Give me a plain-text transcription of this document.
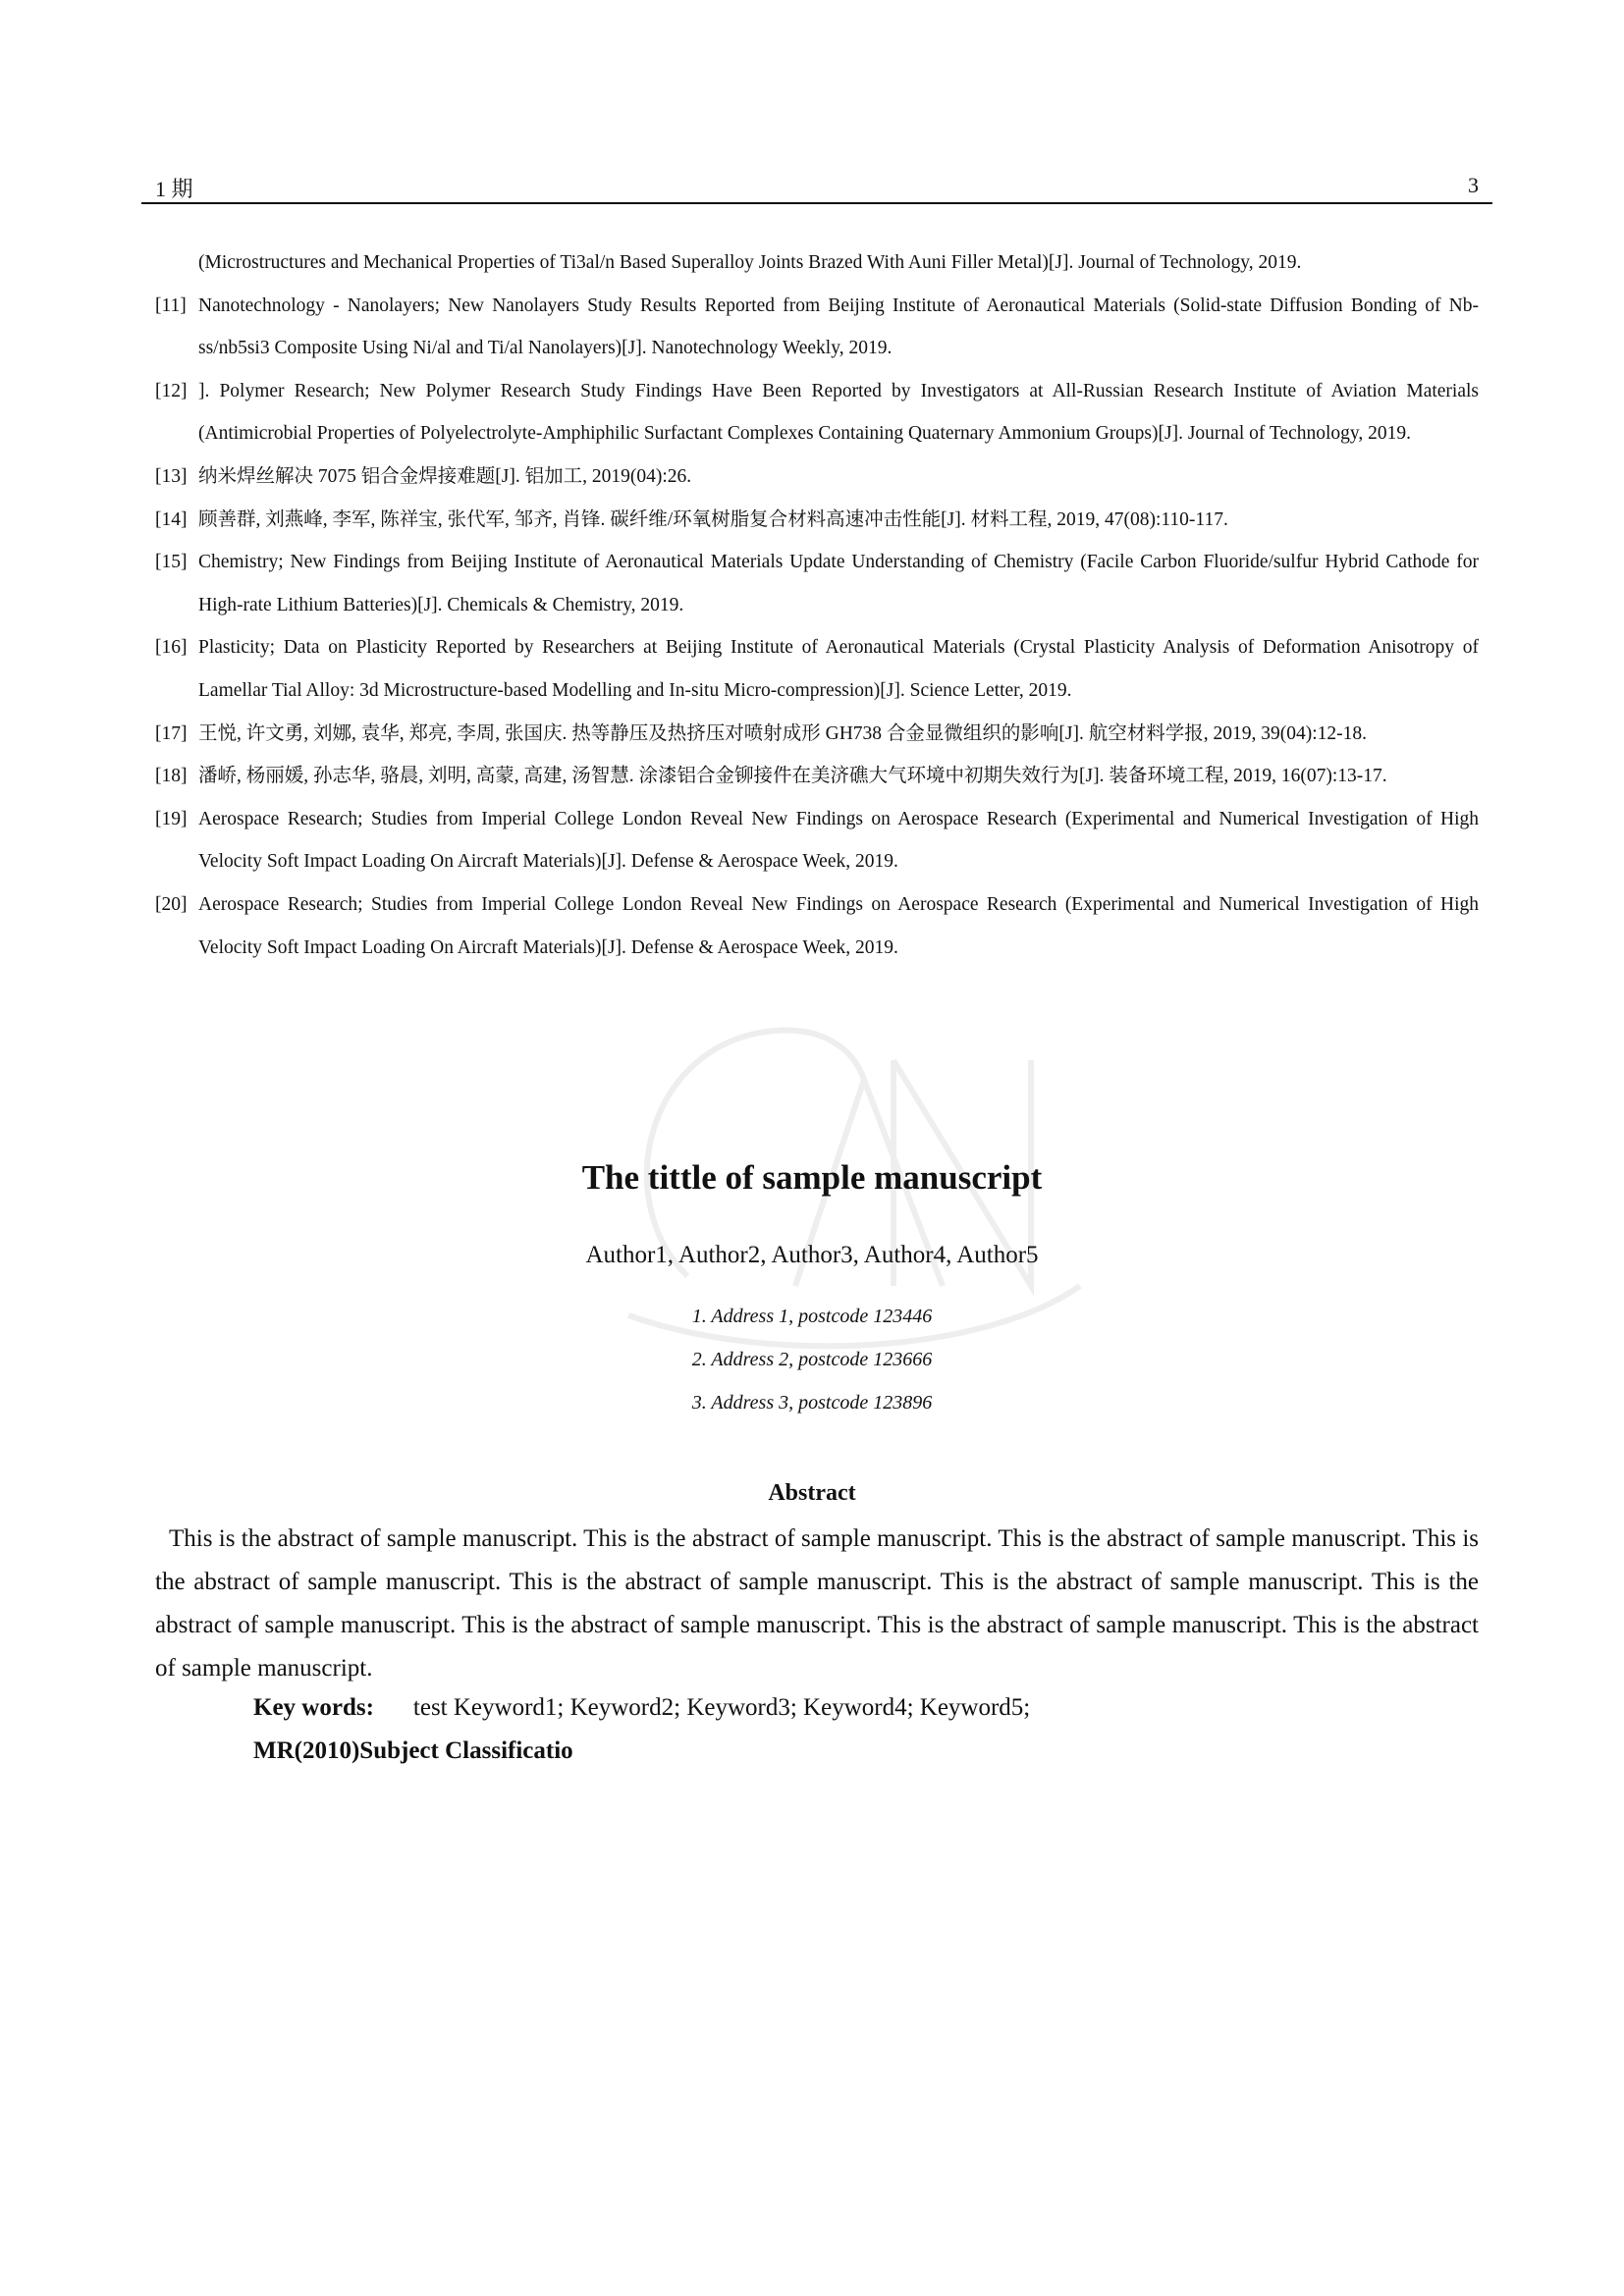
1 期	3
(Microstructures and Mechanical Properties of Ti3al/n Based Superalloy Joints Brazed With Auni Filler Metal)[J]. Journal of Technology, 2019.
[11] Nanotechnology - Nanolayers; New Nanolayers Study Results Reported from Beijing Institute of Aeronautical Materials (Solid-state Diffusion Bonding of Nb-ss/nb5si3 Composite Using Ni/al and Ti/al Nanolayers)[J]. Nanotechnology Weekly, 2019.
[12] ]. Polymer Research; New Polymer Research Study Findings Have Been Reported by Investigators at All-Russian Research Institute of Aviation Materials (Antimicrobial Properties of Polyelectrolyte-Amphiphilic Surfactant Complexes Containing Quaternary Ammonium Groups)[J]. Journal of Technology, 2019.
[13] 纳米焊丝解决 7075 铝合金焊接难题[J]. 铝加工, 2019(04):26.
[14] 顾善群, 刘燕峰, 李军, 陈祥宝, 张代军, 邹齐, 肖锋. 碳纤维/环氧树脂复合材料高速冲击性能[J]. 材料工程, 2019, 47(08):110-117.
[15] Chemistry; New Findings from Beijing Institute of Aeronautical Materials Update Understanding of Chemistry (Facile Carbon Fluoride/sulfur Hybrid Cathode for High-rate Lithium Batteries)[J]. Chemicals & Chemistry, 2019.
[16] Plasticity; Data on Plasticity Reported by Researchers at Beijing Institute of Aeronautical Materials (Crystal Plasticity Analysis of Deformation Anisotropy of Lamellar Tial Alloy: 3d Microstructure-based Modelling and In-situ Micro-compression)[J]. Science Letter, 2019.
[17] 王悦, 许文勇, 刘娜, 袁华, 郑亮, 李周, 张国庆. 热等静压及热挤压对喷射成形 GH738 合金显微组织的影响[J]. 航空材料学报, 2019, 39(04):12-18.
[18] 潘峤, 杨丽媛, 孙志华, 骆晨, 刘明, 高蒙, 高建, 汤智慧. 涂漆铝合金铆接件在美济礁大气环境中初期失效行为[J]. 装备环境工程, 2019, 16(07):13-17.
[19] Aerospace Research; Studies from Imperial College London Reveal New Findings on Aerospace Research (Experimental and Numerical Investigation of High Velocity Soft Impact Loading On Aircraft Materials)[J]. Defense & Aerospace Week, 2019.
[20] Aerospace Research; Studies from Imperial College London Reveal New Findings on Aerospace Research (Experimental and Numerical Investigation of High Velocity Soft Impact Loading On Aircraft Materials)[J]. Defense & Aerospace Week, 2019.
The tittle of sample manuscript
Author1, Author2, Author3, Author4, Author5
1. Address 1, postcode 123446
2. Address 2, postcode 123666
3. Address 3, postcode 123896
Abstract
This is the abstract of sample manuscript. This is the abstract of sample manuscript. This is the abstract of sample manuscript. This is the abstract of sample manuscript. This is the abstract of sample manuscript. This is the abstract of sample manuscript. This is the abstract of sample manuscript. This is the abstract of sample manuscript. This is the abstract of sample manuscript. This is the abstract of sample manuscript.
Key words: test Keyword1; Keyword2; Keyword3; Keyword4; Keyword5;
MR(2010)Subject Classificatio
